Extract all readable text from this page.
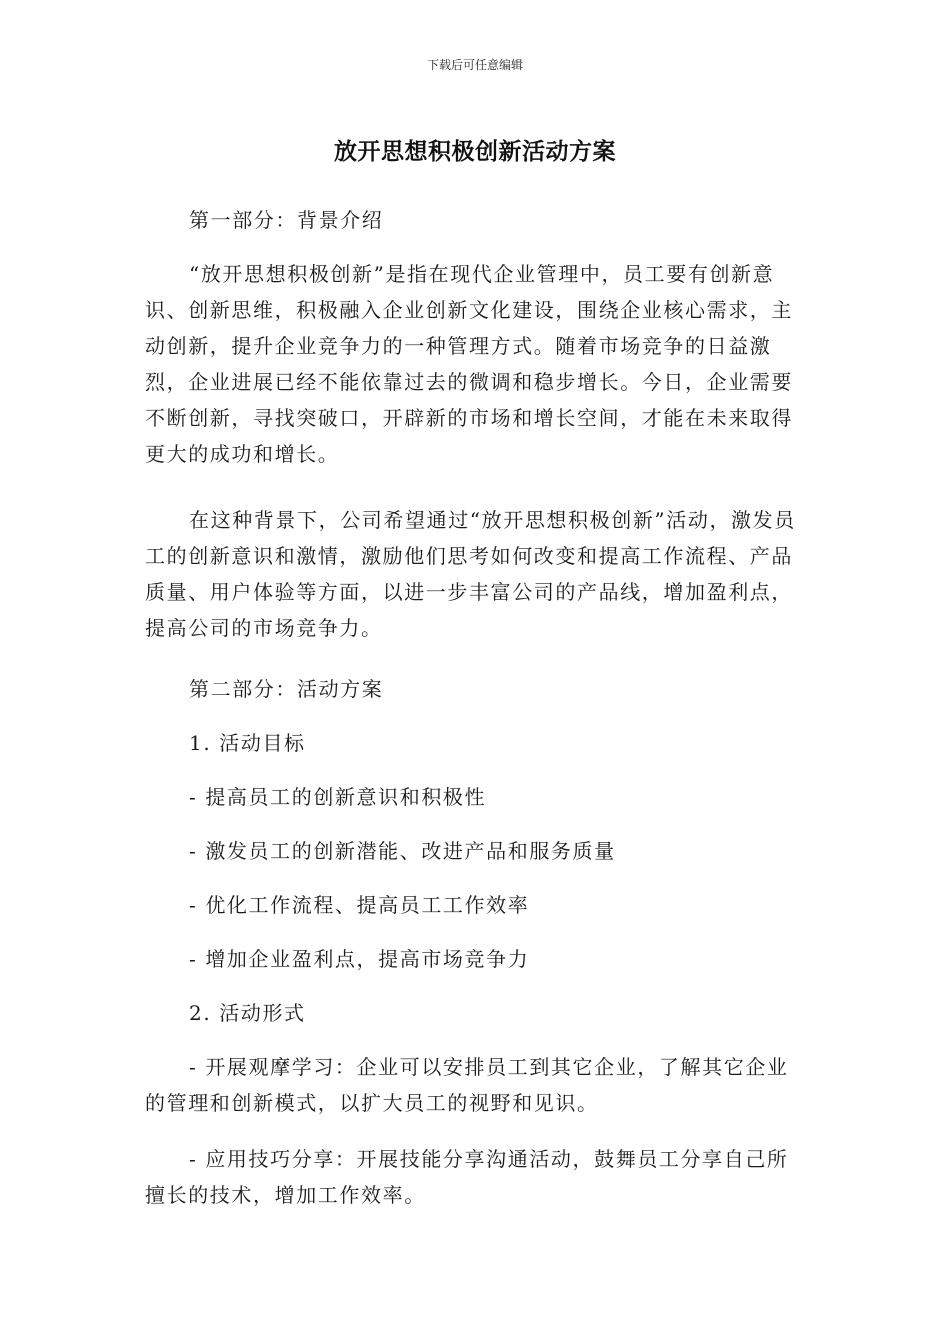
下载后可任意编辑
放开思想积极创新活动方案

第一部分：背景介绍

“放开思想积极创新”是指在现代企业管理中，员工要有创新意识、创新思维，积极融入企业创新文化建设，围绕企业核心需求，主动创新，提升企业竞争力的一种管理方式。随着市场竞争的日益激烈，企业进展已经不能依靠过去的微调和稳步增长。今日，企业需要不断创新，寻找突破口，开辟新的市场和增长空间，才能在未来取得更大的成功和增长。

在这种背景下，公司希望通过“放开思想积极创新”活动，激发员工的创新意识和激情，激励他们思考如何改变和提高工作流程、产品质量、用户体验等方面，以进一步丰富公司的产品线，增加盈利点，提高公司的市场竞争力。

第二部分：活动方案

1. 活动目标

- 提高员工的创新意识和积极性

- 激发员工的创新潜能、改进产品和服务质量

- 优化工作流程、提高员工工作效率

- 增加企业盈利点，提高市场竞争力

2. 活动形式

- 开展观摩学习：企业可以安排员工到其它企业，了解其它企业的管理和创新模式，以扩大员工的视野和见识。

- 应用技巧分享：开展技能分享沟通活动，鼓舞员工分享自己所擅长的技术，增加工作效率。
